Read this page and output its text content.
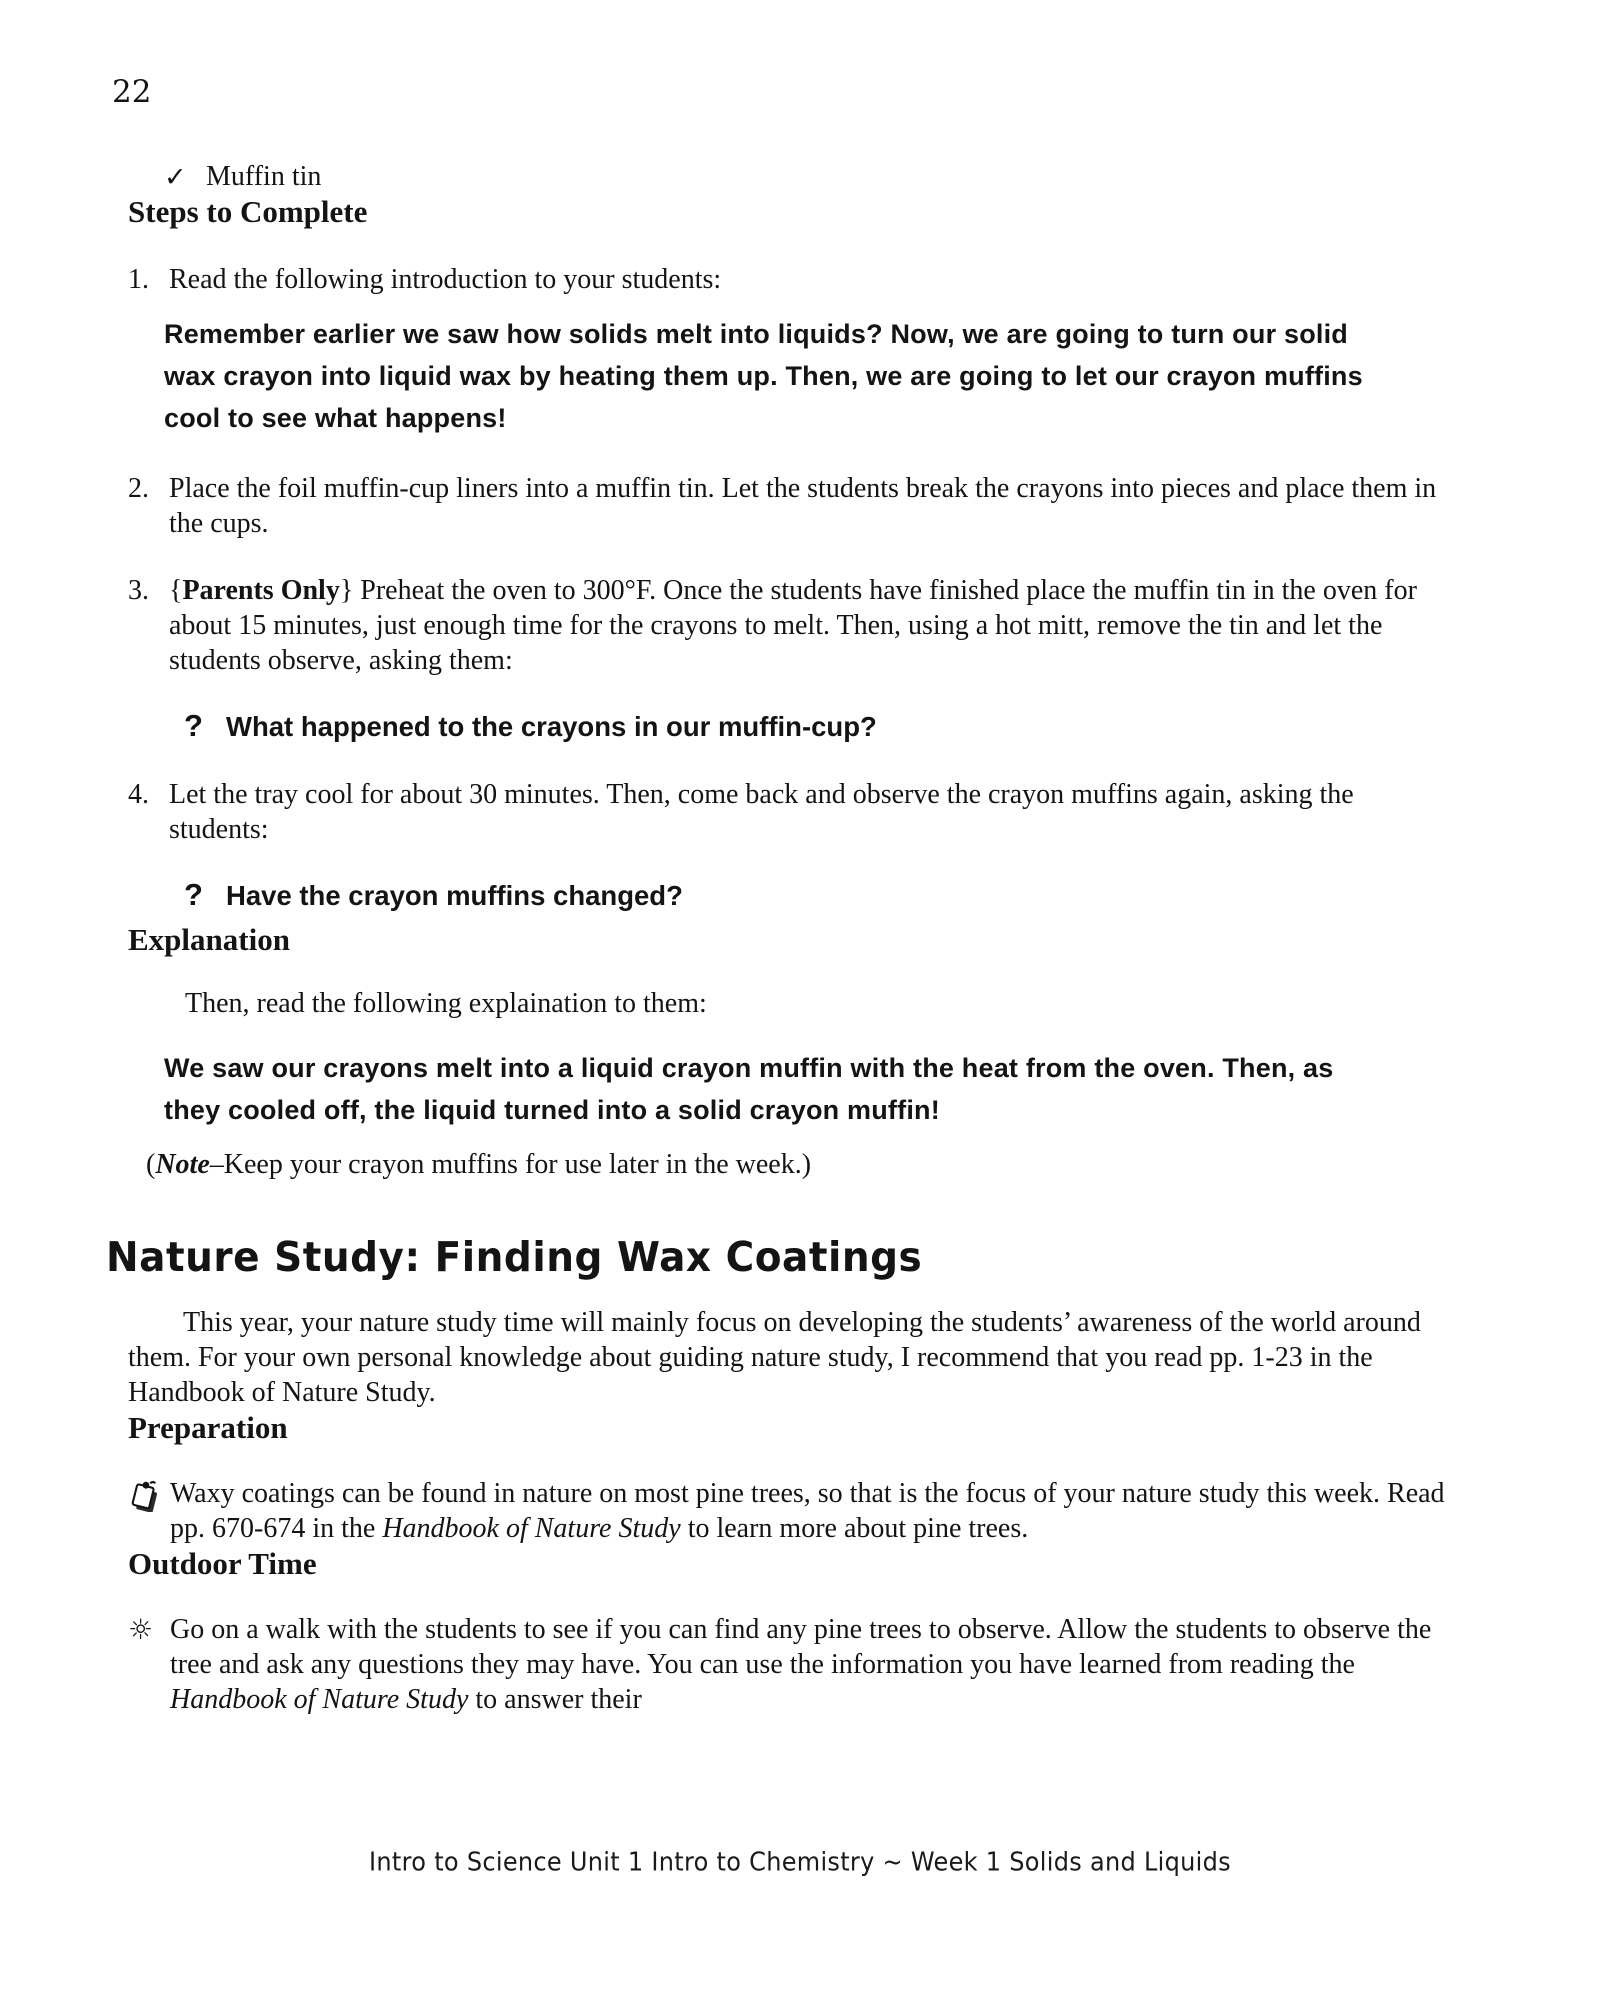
22
✓ Muffin tin
Steps to Complete
1. Read the following introduction to your students:
Remember earlier we saw how solids melt into liquids? Now, we are going to turn our solid wax crayon into liquid wax by heating them up. Then, we are going to let our crayon muffins cool to see what happens!
2. Place the foil muffin-cup liners into a muffin tin. Let the students break the crayons into pieces and place them in the cups.
3. {Parents Only} Preheat the oven to 300°F. Once the students have finished place the muffin tin in the oven for about 15 minutes, just enough time for the crayons to melt. Then, using a hot mitt, remove the tin and let the students observe, asking them:
? What happened to the crayons in our muffin-cup?
4. Let the tray cool for about 30 minutes. Then, come back and observe the crayon muffins again, asking the students:
? Have the crayon muffins changed?
Explanation
Then, read the following explaination to them:
We saw our crayons melt into a liquid crayon muffin with the heat from the oven. Then, as they cooled off, the liquid turned into a solid crayon muffin!
(Note–Keep your crayon muffins for use later in the week.)
Nature Study: Finding Wax Coatings
This year, your nature study time will mainly focus on developing the students’ awareness of the world around them. For your own personal knowledge about guiding nature study, I recommend that you read pp. 1-23 in the Handbook of Nature Study.
Preparation
Waxy coatings can be found in nature on most pine trees, so that is the focus of your nature study this week. Read pp. 670-674 in the Handbook of Nature Study to learn more about pine trees.
Outdoor Time
☼ Go on a walk with the students to see if you can find any pine trees to observe. Allow the students to observe the tree and ask any questions they may have. You can use the information you have learned from reading the Handbook of Nature Study to answer their
Intro to Science Unit 1 Intro to Chemistry ~ Week 1 Solids and Liquids
